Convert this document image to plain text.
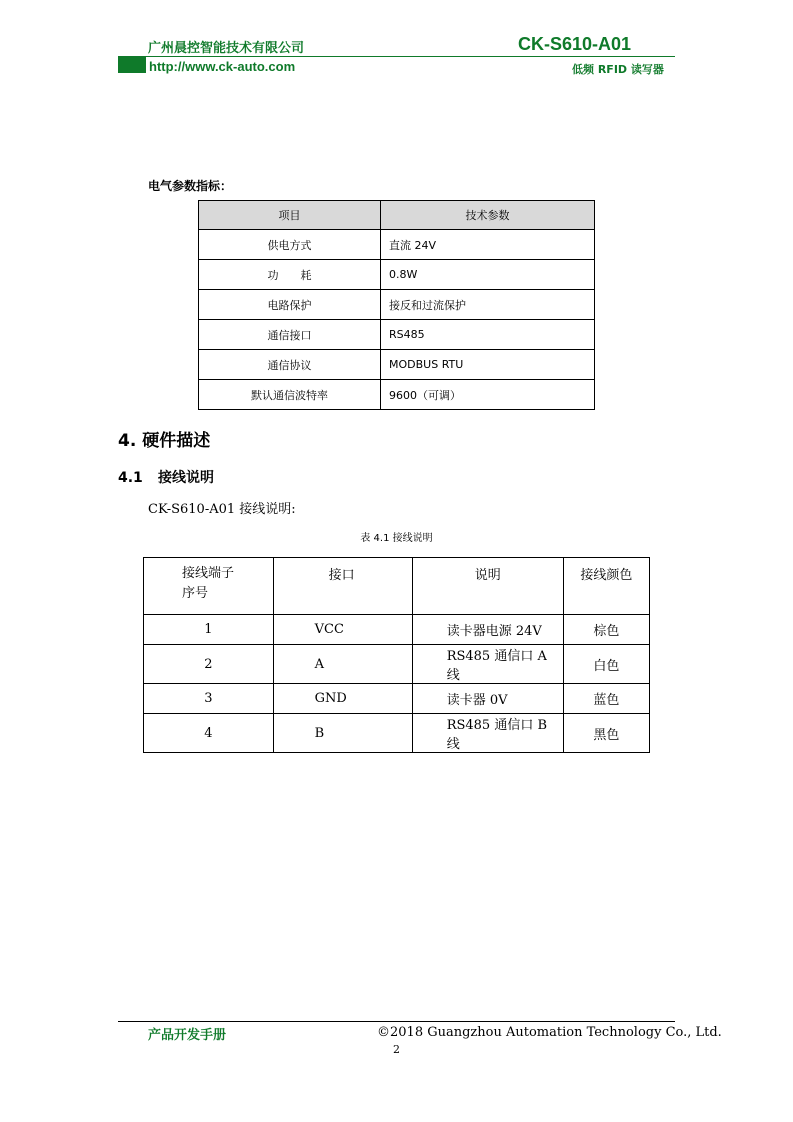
广州晨控智能技术有限公司	CK-S610-A01
http://www.ck-auto.com	低频 RFID 读写器
电气参数指标：
项目	技术参数
供电方式	直流 24V
功　　耗	0.8W
电路保护	接反和过流保护
通信接口	RS485
通信协议	MODBUS RTU
默认通信波特率	9600（可调）
4. 硬件描述
4.1 接线说明
CK-S610-A01 接线说明:
表 4.1 接线说明
接线端子序号	接口	说明	接线颜色
1	VCC	读卡器电源 24V	棕色
2	A	RS485 通信口 A 线	白色
3	GND	读卡器 0V	蓝色
4	B	RS485 通信口 B 线	黑色
产品开发手册	©2018 Guangzhou Automation Technology Co., Ltd.
2
